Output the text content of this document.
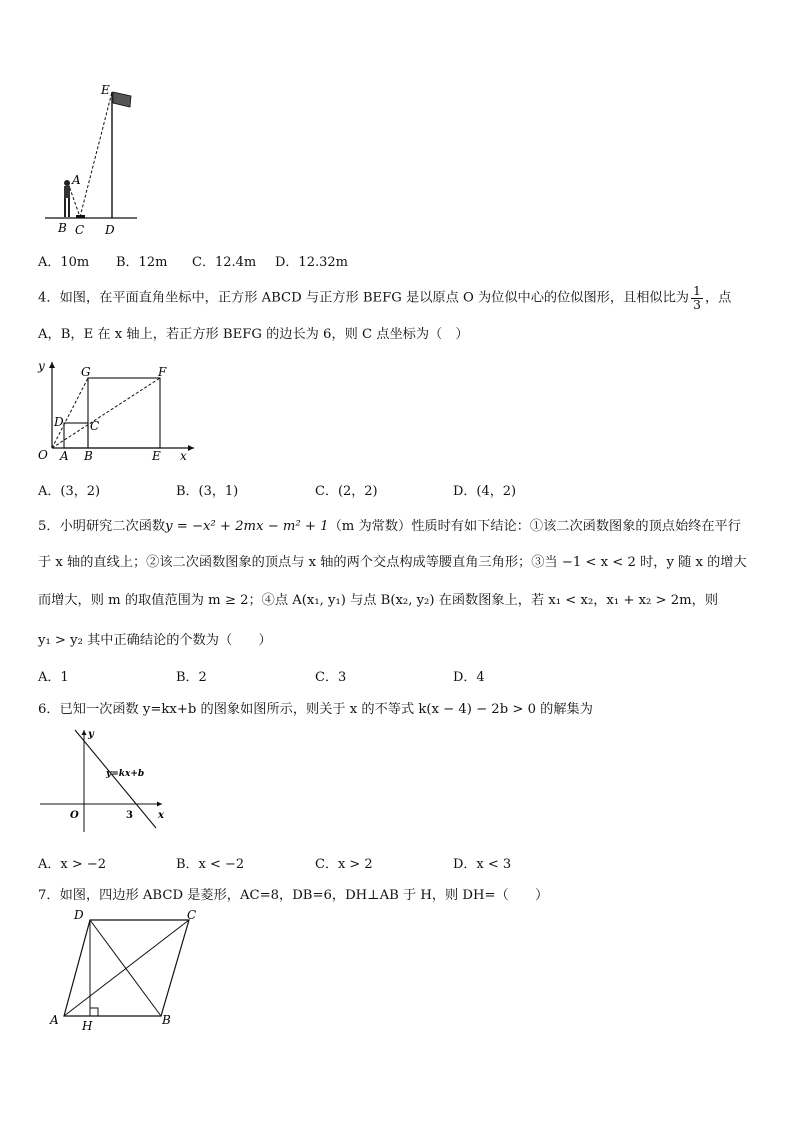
E
A
B C D
A．10m B．12m C．12.4m D．12.32m
4．如图，在平面直角坐标中，正方形 ABCD 与正方形 BEFG 是以原点 O 为位似中心的位似图形，且相似比为 $\frac{1}{3}$ ，点
A，B，E 在 x 轴上，若正方形 BEFG 的边长为 6，则 C 点坐标为（　）
y	G	F
D C
O A B	E x
A．(3，2)	B．(3，1)	C．(2，2)	D．(4，2)
5．小明研究二次函数y = −x² + 2mx − m² + 1（m 为常数）性质时有如下结论：①该二次函数图象的顶点始终在平行
于 x 轴的直线上；②该二次函数图象的顶点与 x 轴的两个交点构成等腰直角三角形；③当 −1 < x < 2 时，y 随 x 的增大
而增大，则 m 的取值范围为 m ≥ 2；④点 A(x₁, y₁) 与点 B(x₂, y₂) 在函数图象上，若 x₁ < x₂，x₁ + x₂ > 2m，则
y₁ > y₂ 其中正确结论的个数为（　　）
A．1	B．2	C．3	D．4
6．已知一次函数 y=kx+b 的图象如图所示，则关于 x 的不等式 k(x − 4) − 2b > 0 的解集为
y
y=kx+b
O	3	x
A．x > −2	B．x < −2	C．x > 2	D．x < 3
7．如图，四边形 ABCD 是菱形，AC=8，DB=6，DH⊥AB 于 H，则 DH=（　　）
D	C
A H	B
